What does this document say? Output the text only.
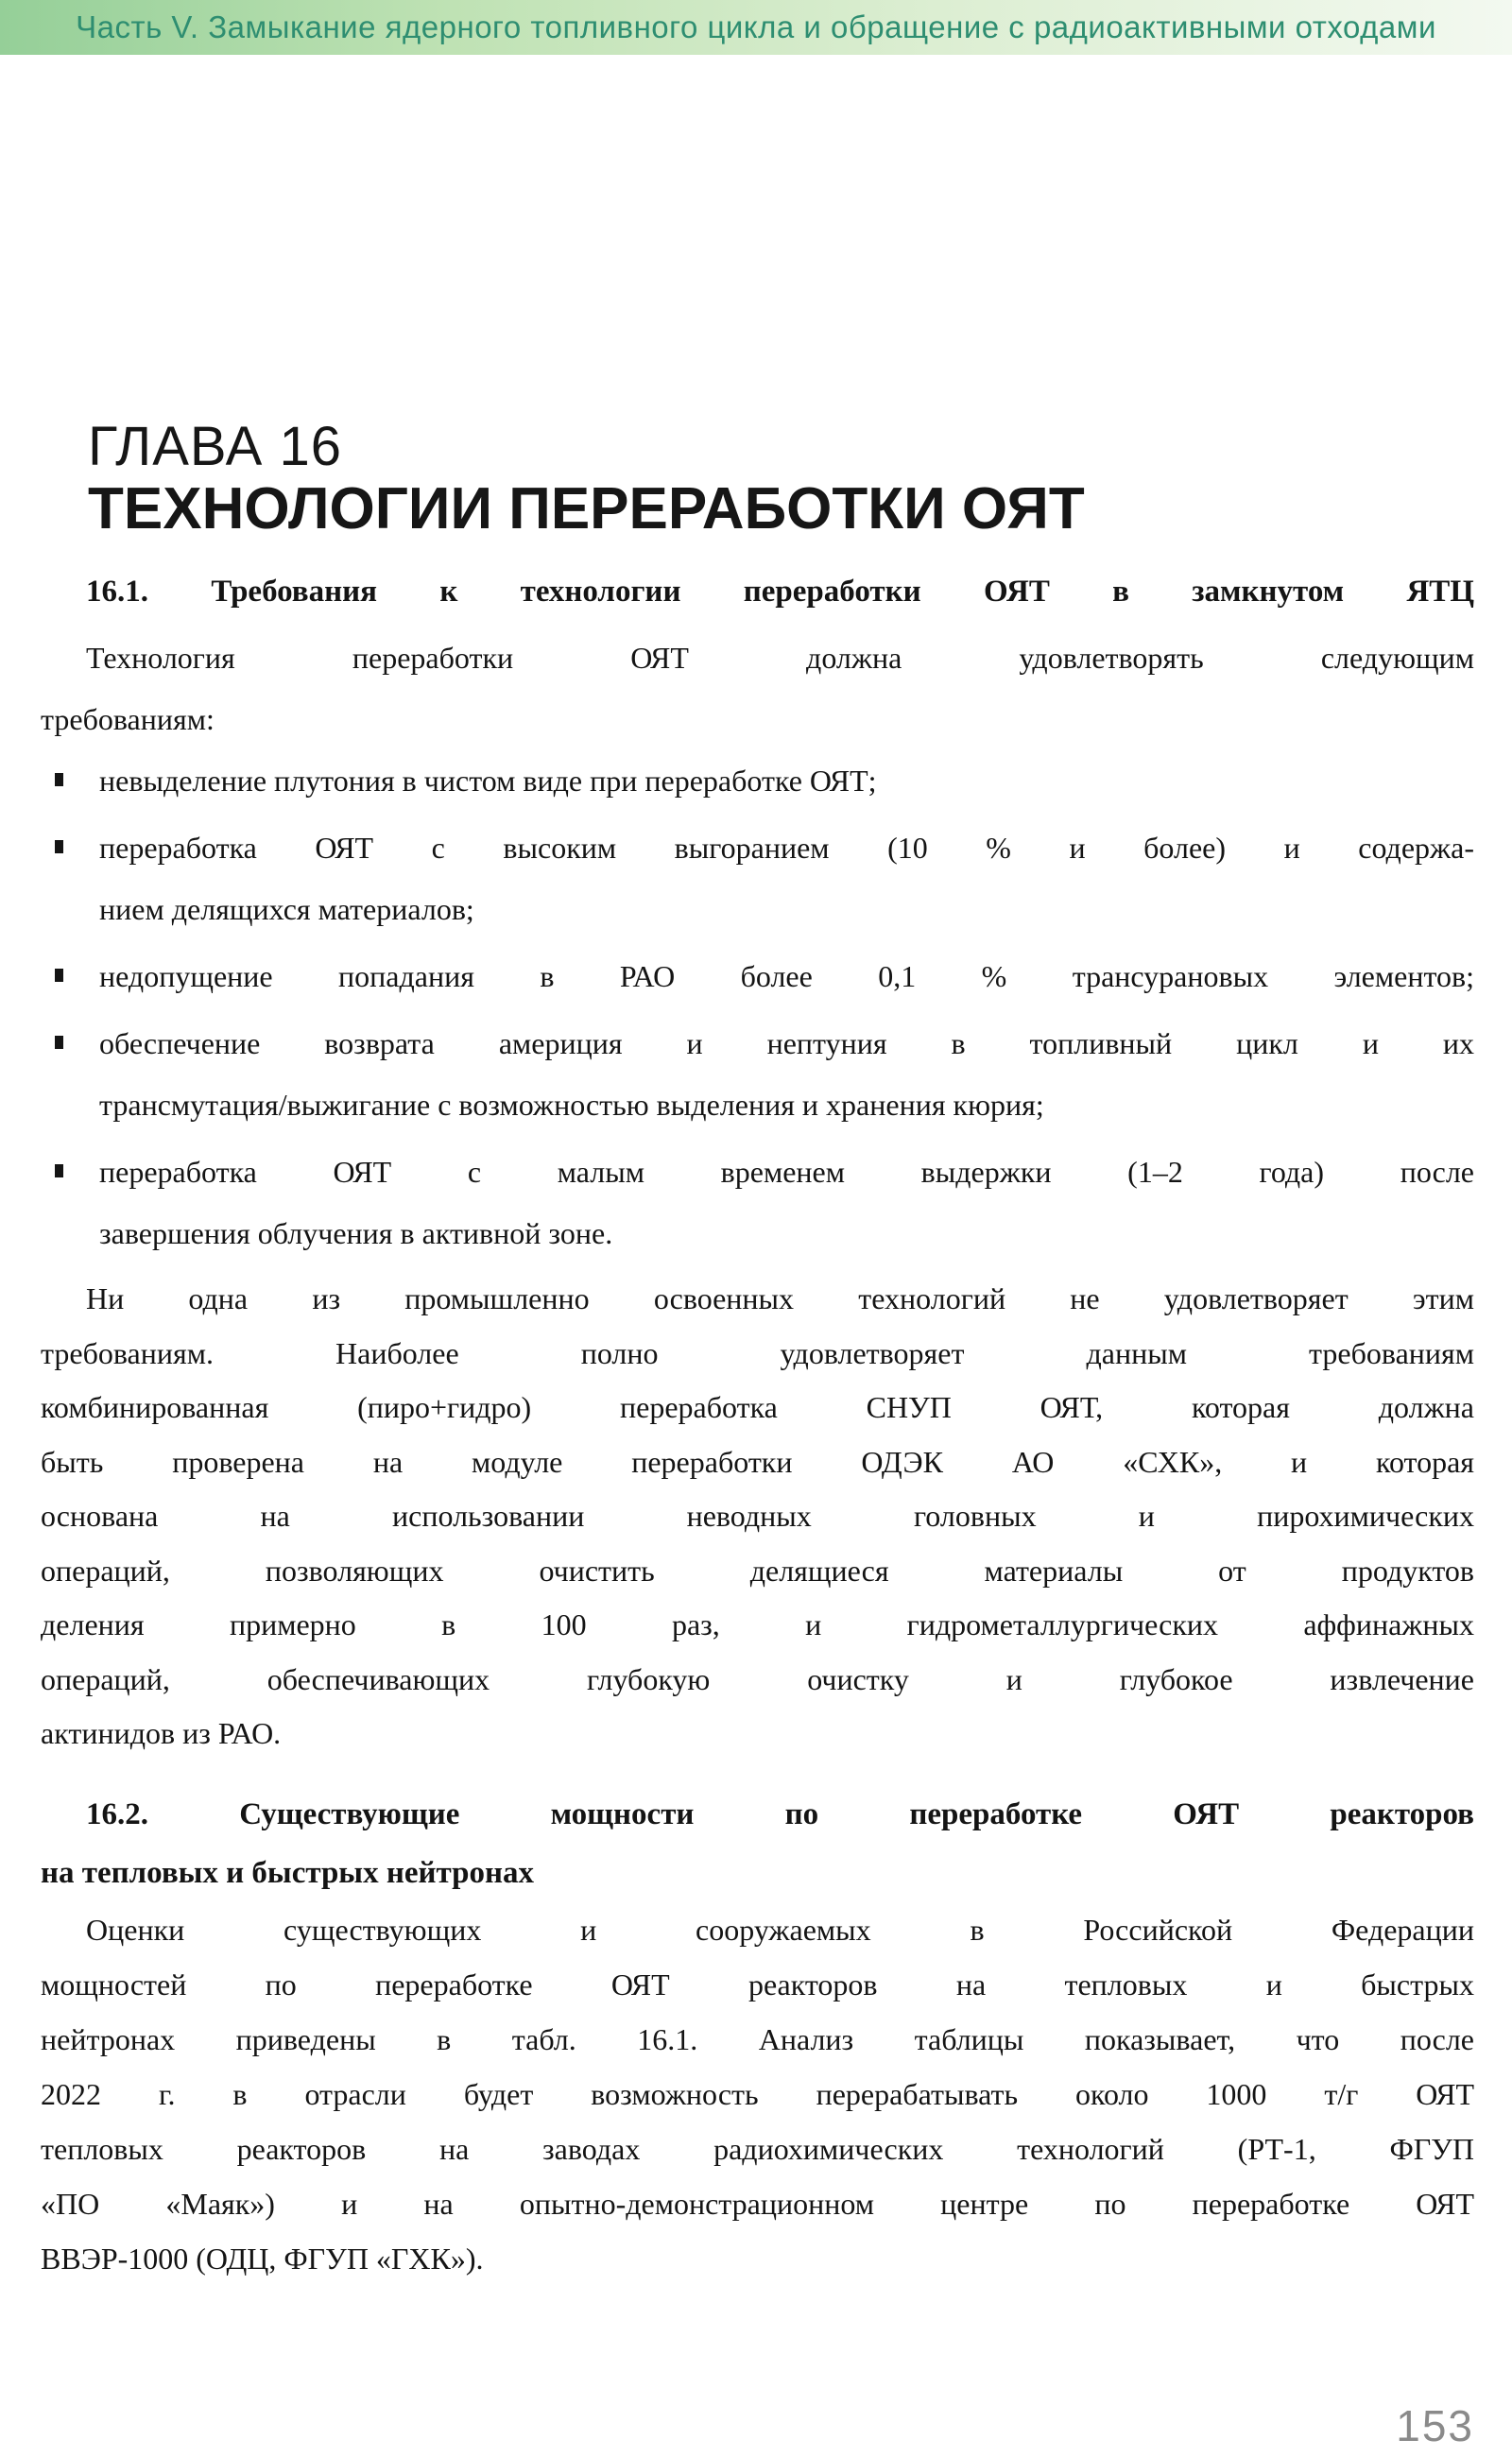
Часть V. Замыкание ядерного топливного цикла и обращение с радиоактивными отходами
ГЛАВА 16
ТЕХНОЛОГИИ ПЕРЕРАБОТКИ ОЯТ
16.1. Требования к технологии переработки ОЯТ в замкнутом ЯТЦ
Технология переработки ОЯТ должна удовлетворять следующим
требованиям:
невыделение плутония в чистом виде при переработке ОЯТ;
переработка ОЯТ с высоким выгоранием (10 % и более) и содержа-
нием делящихся материалов;
недопущение попадания в РАО более 0,1 % трансурановых элементов;
обеспечение возврата америция и нептуния в топливный цикл и их
трансмутация/выжигание с возможностью выделения и хранения кюрия;
переработка ОЯТ с малым временем выдержки (1–2 года) после
завершения облучения в активной зоне.
Ни одна из промышленно освоенных технологий не удовлетворяет этим
требованиям. Наиболее полно удовлетворяет данным требованиям
комбинированная (пиро+гидро) переработка СНУП ОЯТ, которая должна
быть проверена на модуле переработки ОДЭК АО «СХК», и которая
основана на использовании неводных головных и пирохимических
операций, позволяющих очистить делящиеся материалы от продуктов
деления примерно в 100 раз, и гидрометаллургических аффинажных
операций, обеспечивающих глубокую очистку и глубокое извлечение
актинидов из РАО.
16.2. Существующие мощности по переработке ОЯТ реакторов
на тепловых и быстрых нейтронах
Оценки существующих и сооружаемых в Российской Федерации
мощностей по переработке ОЯТ реакторов на тепловых и быстрых
нейтронах приведены в табл. 16.1. Анализ таблицы показывает, что после
2022 г. в отрасли будет возможность перерабатывать около 1000 т/г ОЯТ
тепловых реакторов на заводах радиохимических технологий (РТ-1, ФГУП
«ПО «Маяк») и на опытно-демонстрационном центре по переработке ОЯТ
ВВЭР-1000 (ОДЦ, ФГУП «ГХК»).
153
